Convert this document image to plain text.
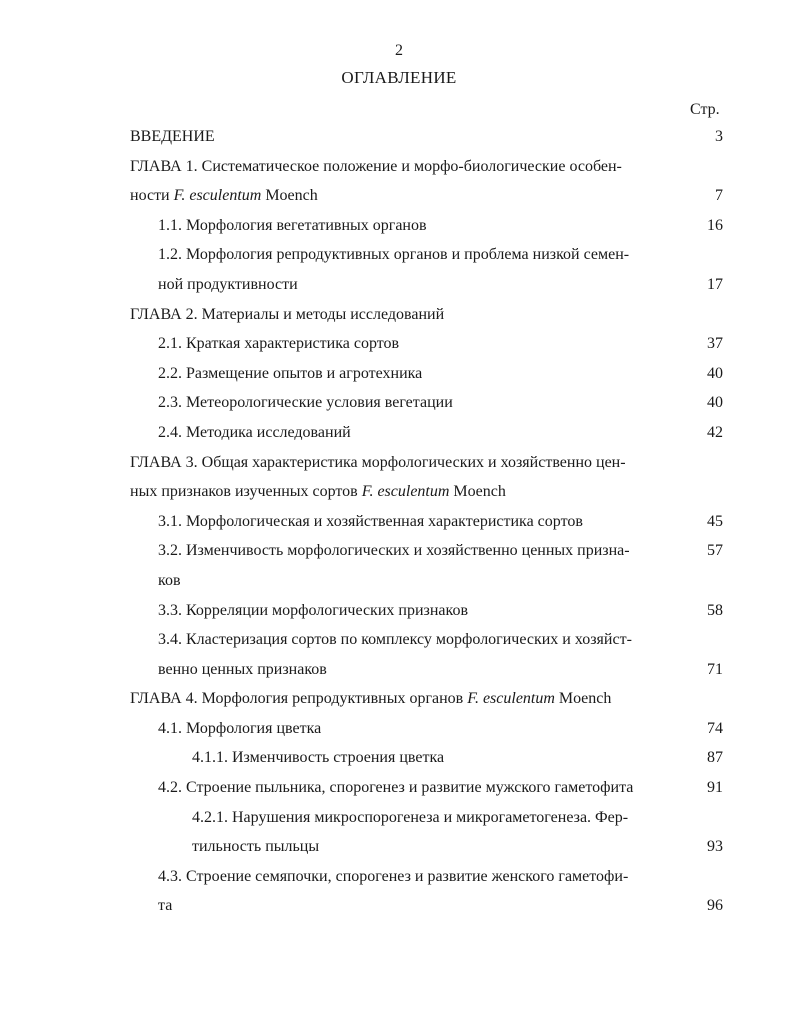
2
ОГЛАВЛЕНИЕ
Стр.
ВВЕДЕНИЕ	3
ГЛАВА 1. Систематическое положение и морфо-биологические особен-
ности F. esculentum Moench	7
1.1. Морфология вегетативных органов	16
1.2. Морфология репродуктивных органов и проблема низкой семен-
ной продуктивности	17
ГЛАВА 2. Материалы и методы исследований
2.1. Краткая характеристика сортов	37
2.2. Размещение опытов и агротехника	40
2.3. Метеорологические условия вегетации	40
2.4. Методика исследований	42
ГЛАВА 3. Общая характеристика морфологических и хозяйственно цен-
ных признаков изученных сортов F. esculentum Moench
3.1. Морфологическая и хозяйственная характеристика сортов	45
3.2. Изменчивость морфологических и хозяйственно ценных призна-	57
ков
3.3. Корреляции морфологических признаков	58
3.4. Кластеризация сортов по комплексу морфологических и хозяйст-
венно ценных признаков	71
ГЛАВА 4. Морфология репродуктивных органов F. esculentum Moench
4.1. Морфология цветка	74
4.1.1. Изменчивость строения цветка	87
4.2. Строение пыльника, спорогенез и развитие мужского гаметофита	91
4.2.1. Нарушения микроспорогенеза и микрогаметогенеза. Фер-
тильность пыльцы	93
4.3. Строение семяпочки, спорогенез и развитие женского гаметофи-
та	96
